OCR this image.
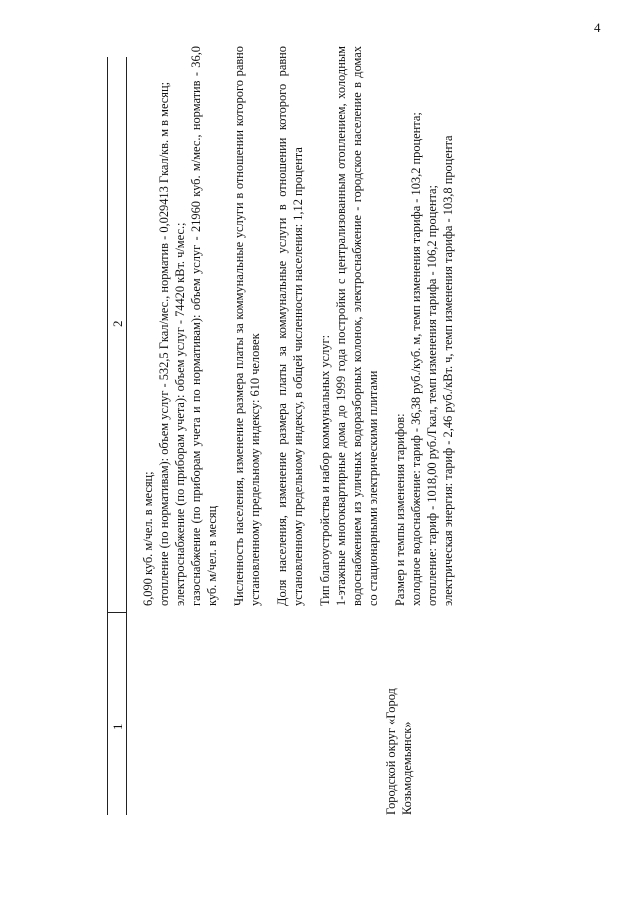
4
1
2
Городской округ «Город Козьмодемьянск»

6,090 куб. м/чел. в месяц; отопление (по нормативам): объем услуг - 532,5 Гкал/мес., норматив - 0,029413 Гкал/кв. м в месяц; электроснабжение (по приборам учета): объем услуг - 74420 кВт. ч/мес.; газоснабжение (по приборам учета и по нормативам): объем услуг - 21960 куб. м/мес., норматив - 36,0 куб. м/чел. в месяц Численность населения, изменение размера платы за коммунальные услуги в отношении которого равно установленному предельному индексу: 610 человек Доля населения, изменение размера платы за коммунальные услуги в отношении которого равно установленному предельному индексу, в общей численности населения: 1,12 процента Тип благоустройства и набор коммунальных услуг: 1-этажные многоквартирные дома до 1999 года постройки с централизованным отоплением, холодным водоснабжением из уличных водоразборных колонок, электроснабжение - городское население в домах со стационарными электрическими плитами Размер и темпы изменения тарифов: холодное водоснабжение: тариф - 36,38 руб./куб. м, темп изменения тарифа - 103,2 процента; отопление: тариф - 1018,00 руб./Гкал, темп изменения тарифа - 106,2 процента; электрическая энергия: тариф - 2,46 руб./кВт. ч, темп изменения тарифа - 103,8 процента
